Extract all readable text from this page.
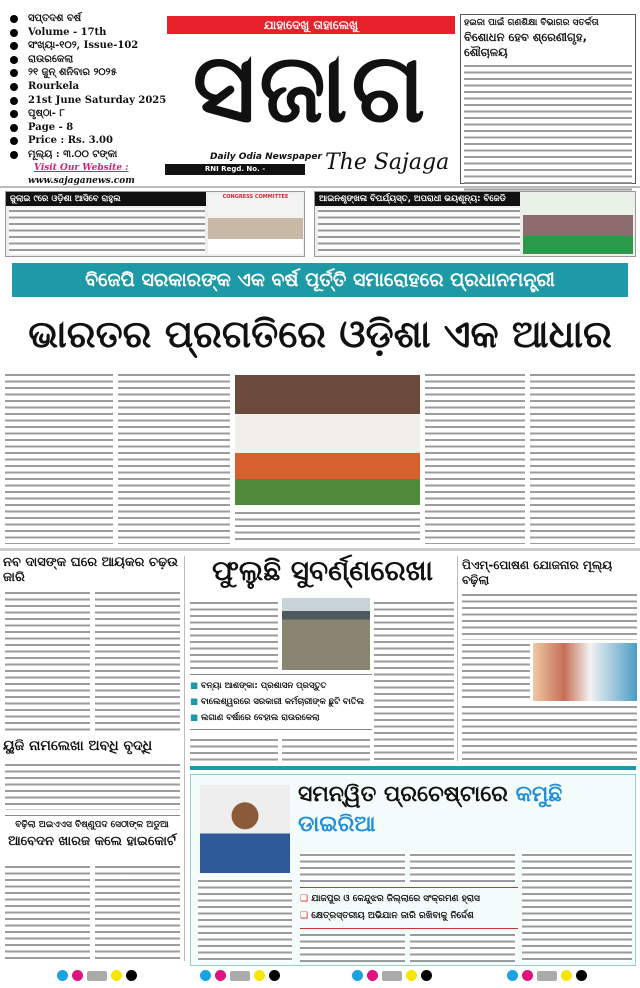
ସପ୍ତଦଶ ବର୍ଷ
Volume - 17th
ସଂଖ୍ୟା-୧୦୨, Issue-102
ରାଉରକେଲା
୨୧ ଜୁନ୍ ଶନିବାର ୨୦୨୫
Rourkela
21st June Saturday 2025
ପୃଷ୍ଠା- ୮
Page - 8
Price : Rs. 3.00
ମୂଲ୍ୟ : ୩.୦୦ ଟଙ୍କା
Visit Our Website :
www.sajaganews.com
ଯାହାଦେଖୁ ତାହାଲେଖୁ
ସଜାଗ
Daily Odia Newspaper
RNI Regd. No. - ODIODI/2009/27512
The Sajaga
ହଇଜା ପାଇଁ ଗଣଶିକ୍ଷା ବିଭାଗର ସତର୍କତା
ବିଶୋଧନ ହେବ ଶ୍ରେଣୀଗୃହ, ଶୌଚାଳୟ
ଜୁଲାଇ ୯ରେ ଓଡ଼ିଶା ଆସିବେ ରାହୁଲ	CONGRESS COMMITTEE	ଆଇନଶୃଙ୍ଖଳା ବିପର୍ଯ୍ୟସ୍ତ, ଅପରାଧୀ ଭୟଶୂନ୍ୟ: ବିଜେଡି
ବିଜେପି ସରକାରଙ୍କ ଏକ ବର୍ଷ ପୂର୍ତ୍ତି ସମାରୋହରେ ପ୍ରଧାନମନ୍ତ୍ରୀ
ଭାରତର ପ୍ରଗତିରେ ଓଡ଼ିଶା ଏକ ଆଧାର
ନବ ଦାସଙ୍କ ଘରେ ଆୟକର ଚଢ଼ଉ ଜାରି
ୟୁଜି ନାମଲେଖା ଅବଧି ବୃଦ୍ଧି
ବଢ଼ିଲା ଅଇଏଏସ ବିଷ୍ଣୁପଦ ସେଠୀଙ୍କ ଅଡୁଆ
ଆବେଦନ ଖାରଜ କଲେ ହାଇକୋର୍ଟ
ଫୁଲୁଛି ସୁବର୍ଣ୍ଣରେଖା
■ ବନ୍ୟା ଆଶଙ୍କା: ପ୍ରଶାସନ ପ୍ରସ୍ତୁତ
■ ବାଲେଶ୍ୱରରେ ସରକାରୀ କର୍ମଚାରୀଙ୍କ ଛୁଟି ବାତିଲ
■ ଲଗାଣ ବର୍ଷାରେ ବେହାଲ ରାଉରକେଲା
ପିଏମ୍-ପୋଷଣ ଯୋଜନାର ମୂଲ୍ୟ ବଢ଼ିଲା
ସମନ୍ୱିତ ପ୍ରଚେଷ୍ଟାରେ କମୁଛି ଡାଇରିଆ
❑ ଯାଜପୁର ଓ କେନ୍ଦୁଝର ଜିଲ୍ଲାରେ ସଂକ୍ରମଣ ହ୍ରାସ
❑ କ୍ଷେତ୍ରସ୍ତରୀୟ ଅଭିଯାନ ଜାରି ରଖିବାକୁ ନିର୍ଦ୍ଦେଶ
